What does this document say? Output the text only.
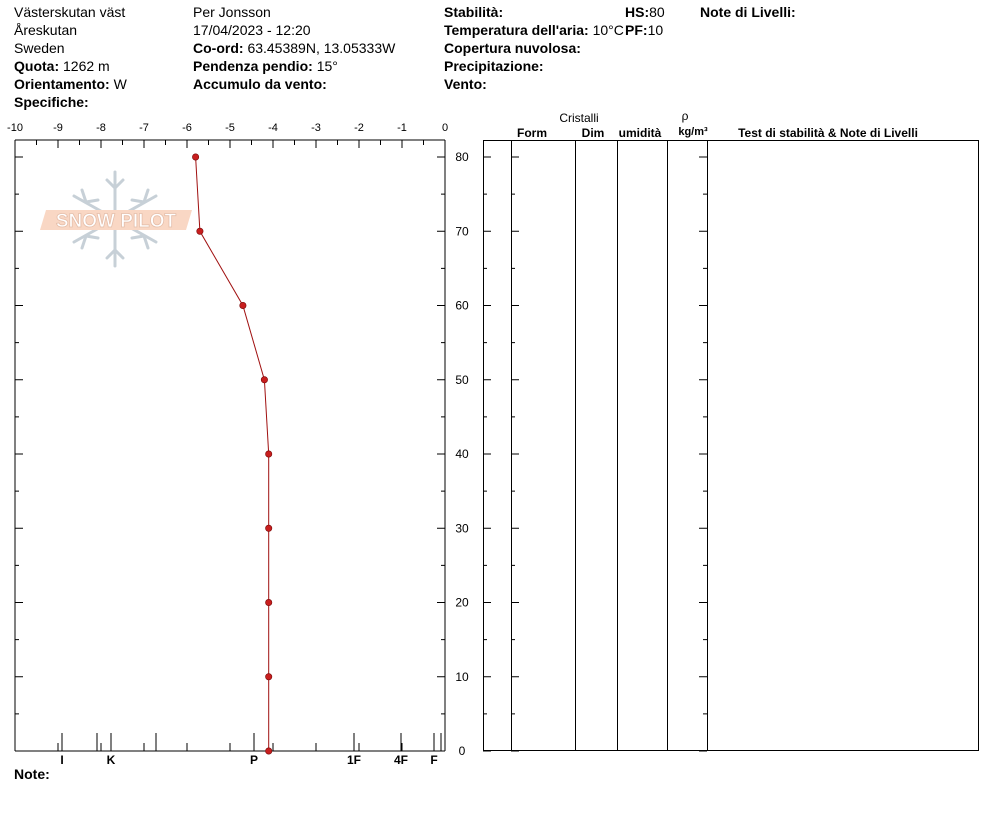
Västerskutan väst
Åreskutan
Sweden
Quota: 1262 m
Orientamento: W
Specifiche:
Per Jonsson
17/04/2023 - 12:20
Co-ord: 63.45389N, 13.05333W
Pendenza pendio: 15°
Accumulo da vento:
Stabilità:
Temperatura dell'aria: 10°C
Copertura nuvolosa:
Precipitazione:
Vento:
HS:80
PF:10
Note di Livelli:
Note:
SNOW PILOT
-10	-9	-8	-7	-6	-5	-4	-3	-2	-1	0
I	K	P	1F	4F F
0
10
20
30
40
50
60
70
80
Cristalli
Form	Dim umidità
ρ
kg/m³	Test di stabilità & Note di Livelli
